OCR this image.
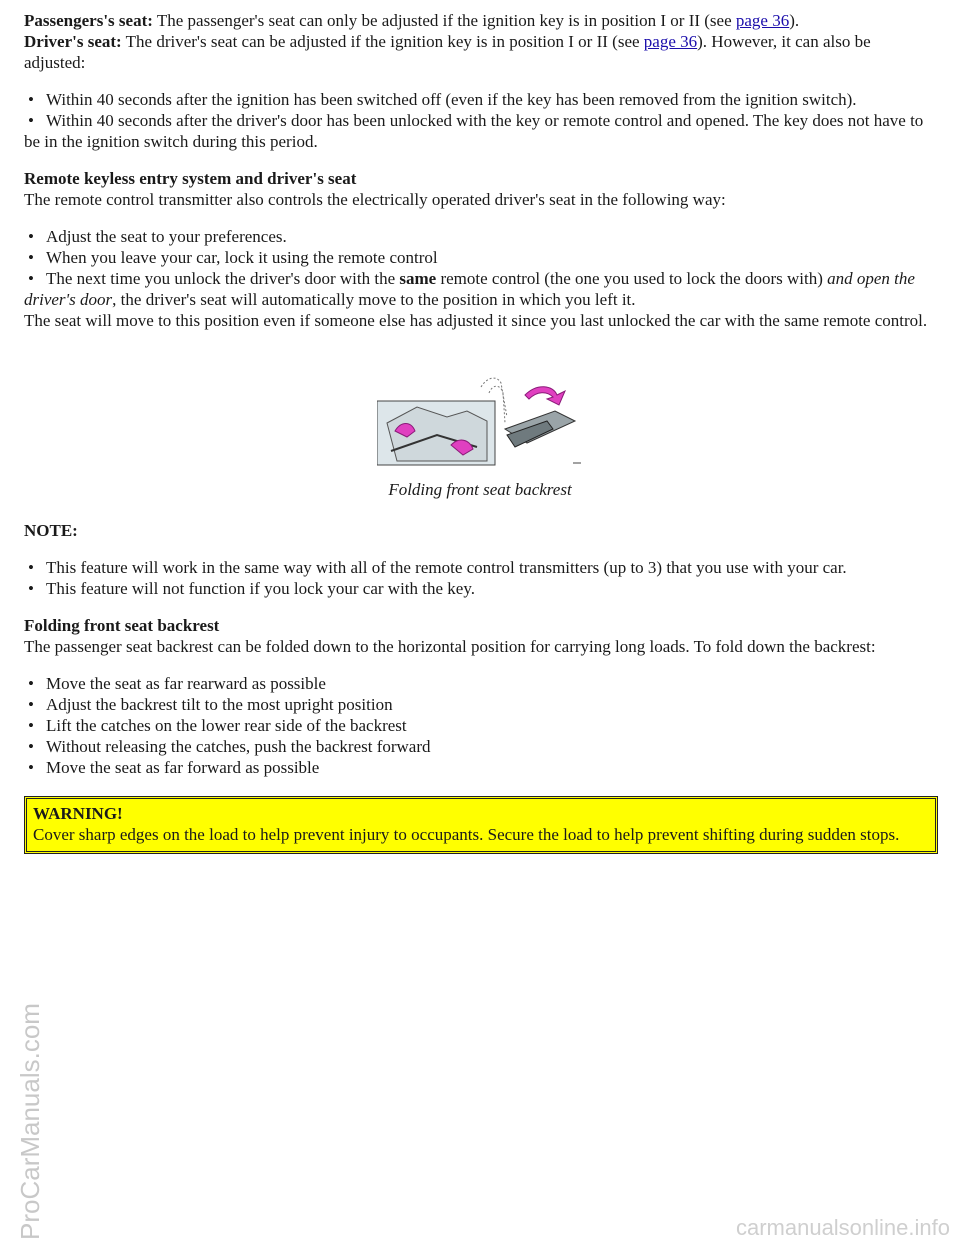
Passengers's seat: The passenger's seat can only be adjusted if the ignition key is in position I or II (see page 36).

Driver's seat: The driver's seat can be adjusted if the ignition key is in position I or II (see page 36). However, it can also be adjusted:

• Within 40 seconds after the ignition has been switched off (even if the key has been removed from the ignition switch).
• Within 40 seconds after the driver's door has been unlocked with the key or remote control and opened. The key does not have to be in the ignition switch during this period.

Remote keyless entry system and driver's seat

The remote control transmitter also controls the electrically operated driver's seat in the following way:

• Adjust the seat to your preferences.
• When you leave your car, lock it using the remote control
• The next time you unlock the driver's door with the same remote control (the one you used to lock the doors with) and open the driver's door, the driver's seat will automatically move to the position in which you left it.

The seat will move to this position even if someone else has adjusted it since you last unlocked the car with the same remote control.

Folding front seat backrest

NOTE:

• This feature will work in the same way with all of the remote control transmitters (up to 3) that you use with your car.
• This feature will not function if you lock your car with the key.

Folding front seat backrest

The passenger seat backrest can be folded down to the horizontal position for carrying long loads. To fold down the backrest:

• Move the seat as far rearward as possible
• Adjust the backrest tilt to the most upright position
• Lift the catches on the lower rear side of the backrest
• Without releasing the catches, push the backrest forward
• Move the seat as far forward as possible
WARNING!
Cover sharp edges on the load to help prevent injury to occupants. Secure the load to help prevent shifting during sudden stops.
ProCarManuals.com	carmanualsonline.info
